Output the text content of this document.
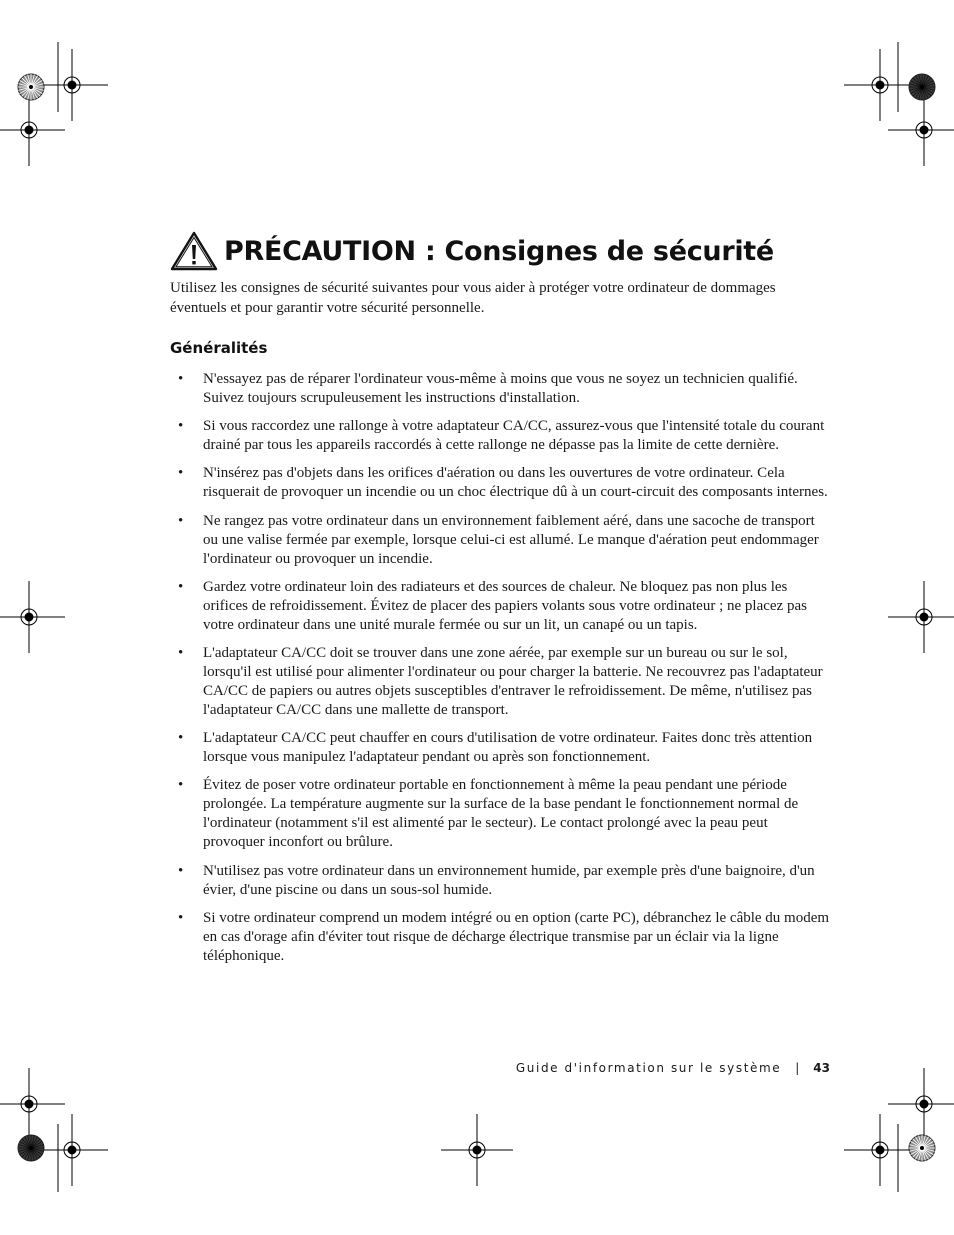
PRÉCAUTION : Consignes de sécurité

Utilisez les consignes de sécurité suivantes pour vous aider à protéger votre ordinateur de dommages éventuels et pour garantir votre sécurité personnelle.

Généralités
• N'essayez pas de réparer l'ordinateur vous-même à moins que vous ne soyez un technicien qualifié. Suivez toujours scrupuleusement les instructions d'installation.
• Si vous raccordez une rallonge à votre adaptateur CA/CC, assurez-vous que l'intensité totale du courant drainé par tous les appareils raccordés à cette rallonge ne dépasse pas la limite de cette dernière.
• N'insérez pas d'objets dans les orifices d'aération ou dans les ouvertures de votre ordinateur. Cela risquerait de provoquer un incendie ou un choc électrique dû à un court-circuit des composants internes.
• Ne rangez pas votre ordinateur dans un environnement faiblement aéré, dans une sacoche de transport ou une valise fermée par exemple, lorsque celui-ci est allumé. Le manque d'aération peut endommager l'ordinateur ou provoquer un incendie.
• Gardez votre ordinateur loin des radiateurs et des sources de chaleur. Ne bloquez pas non plus les orifices de refroidissement. Évitez de placer des papiers volants sous votre ordinateur ; ne placez pas votre ordinateur dans une unité murale fermée ou sur un lit, un canapé ou un tapis.
• L'adaptateur CA/CC doit se trouver dans une zone aérée, par exemple sur un bureau ou sur le sol, lorsqu'il est utilisé pour alimenter l'ordinateur ou pour charger la batterie. Ne recouvrez pas l'adaptateur CA/CC de papiers ou autres objets susceptibles d'entraver le refroidissement. De même, n'utilisez pas l'adaptateur CA/CC dans une mallette de transport.
• L'adaptateur CA/CC peut chauffer en cours d'utilisation de votre ordinateur. Faites donc très attention lorsque vous manipulez l'adaptateur pendant ou après son fonctionnement.
• Évitez de poser votre ordinateur portable en fonctionnement à même la peau pendant une période prolongée. La température augmente sur la surface de la base pendant le fonctionnement normal de l'ordinateur (notamment s'il est alimenté par le secteur). Le contact prolongé avec la peau peut provoquer inconfort ou brûlure.
• N'utilisez pas votre ordinateur dans un environnement humide, par exemple près d'une baignoire, d'un évier, d'une piscine ou dans un sous-sol humide.
• Si votre ordinateur comprend un modem intégré ou en option (carte PC), débranchez le câble du modem en cas d'orage afin d'éviter tout risque de décharge électrique transmise par un éclair via la ligne téléphonique.
Guide d'information sur le système | 43
